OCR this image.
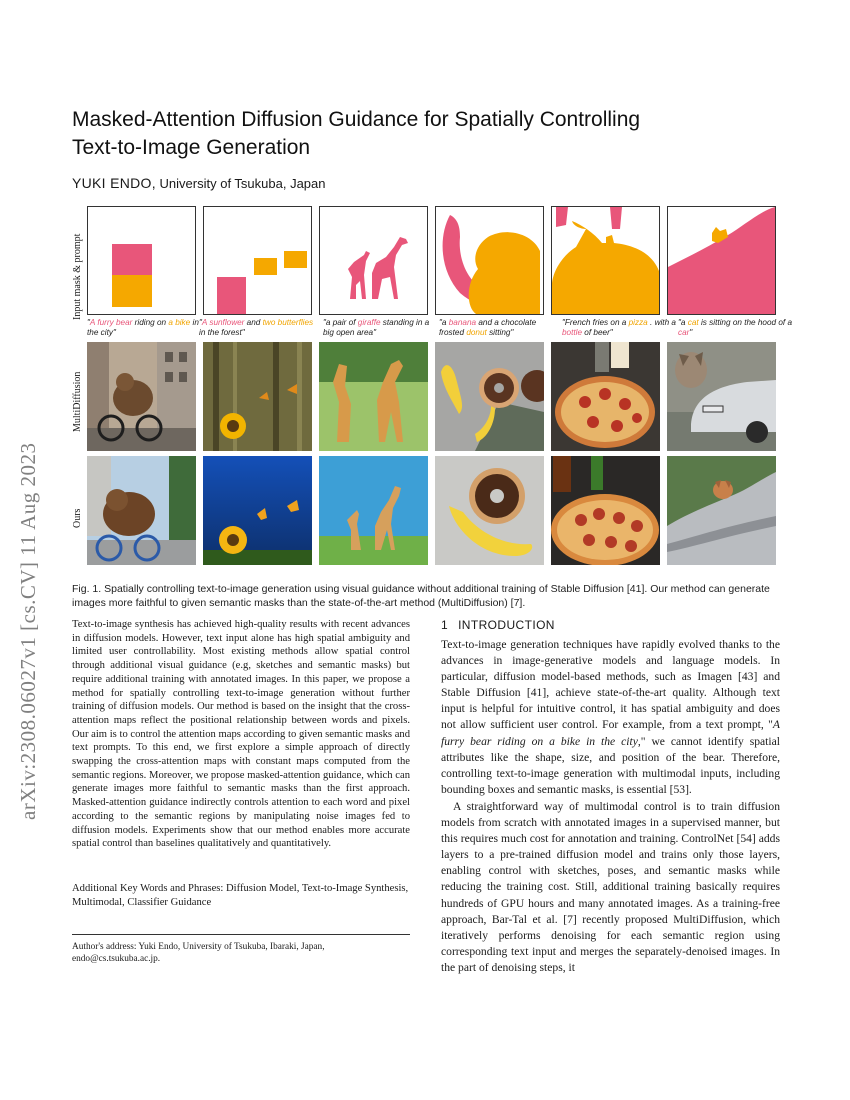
arXiv:2308.06027v1 [cs.CV] 11 Aug 2023
Masked-Attention Diffusion Guidance for Spatially Controlling
Text-to-Image Generation
YUKI ENDO, University of Tsukuba, Japan
Input mask & prompt
MultiDiffusion
Ours
"A furry bear riding on a bike in the city"
"A sunflower and two butterflies in the forest"
"a pair of giraffe standing in a big open area"
"a banana and a chocolate frosted donut sitting"
"French fries on a pizza . with a bottle of beer"
"a cat is sitting on the hood of a car"
Fig. 1. Spatially controlling text-to-image generation using visual guidance without additional training of Stable Diffusion [41]. Our method can generate images more faithful to given semantic masks than the state-of-the-art method (MultiDiffusion) [7].
Text-to-image synthesis has achieved high-quality results with recent advances in diffusion models. However, text input alone has high spatial ambiguity and limited user controllability. Most existing methods allow spatial control through additional visual guidance (e.g, sketches and semantic masks) but require additional training with annotated images. In this paper, we propose a method for spatially controlling text-to-image generation without further training of diffusion models. Our method is based on the insight that the cross-attention maps reflect the positional relationship between words and pixels. Our aim is to control the attention maps according to given semantic masks and text prompts. To this end, we first explore a simple approach of directly swapping the cross-attention maps with constant maps computed from the semantic regions. Moreover, we propose masked-attention guidance, which can generate images more faithful to semantic masks than the first approach. Masked-attention guidance indirectly controls attention to each word and pixel according to the semantic regions by manipulating noise images fed to diffusion models. Experiments show that our method enables more accurate spatial control than baselines qualitatively and quantitatively.
Additional Key Words and Phrases: Diffusion Model, Text-to-Image Synthesis, Multimodal, Classifier Guidance
Author's address: Yuki Endo, University of Tsukuba, Ibaraki, Japan, endo@cs.tsukuba.ac.jp.
1 INTRODUCTION

Text-to-image generation techniques have rapidly evolved thanks to the advances in image-generative models and language models. In particular, diffusion model-based methods, such as Imagen [43] and Stable Diffusion [41], achieve state-of-the-art quality. Although text input is helpful for intuitive control, it has spatial ambiguity and does not allow sufficient user control. For example, from a text prompt, "A furry bear riding on a bike in the city," we cannot identify spatial attributes like the shape, size, and position of the bear. Therefore, controlling text-to-image generation with multimodal inputs, including bounding boxes and semantic masks, is essential [53].

A straightforward way of multimodal control is to train diffusion models from scratch with annotated images in a supervised manner, but this requires much cost for annotation and training. ControlNet [54] adds layers to a pre-trained diffusion model and trains only those layers, enabling control with sketches, poses, and semantic masks while reducing the training cost. Still, additional training basically requires hundreds of GPU hours and many annotated images. As a training-free approach, Bar-Tal et al. [7] recently proposed MultiDiffusion, which iteratively performs denoising for each semantic region using corresponding text input and merges the separately-denoised images. In the part of denoising steps, it
